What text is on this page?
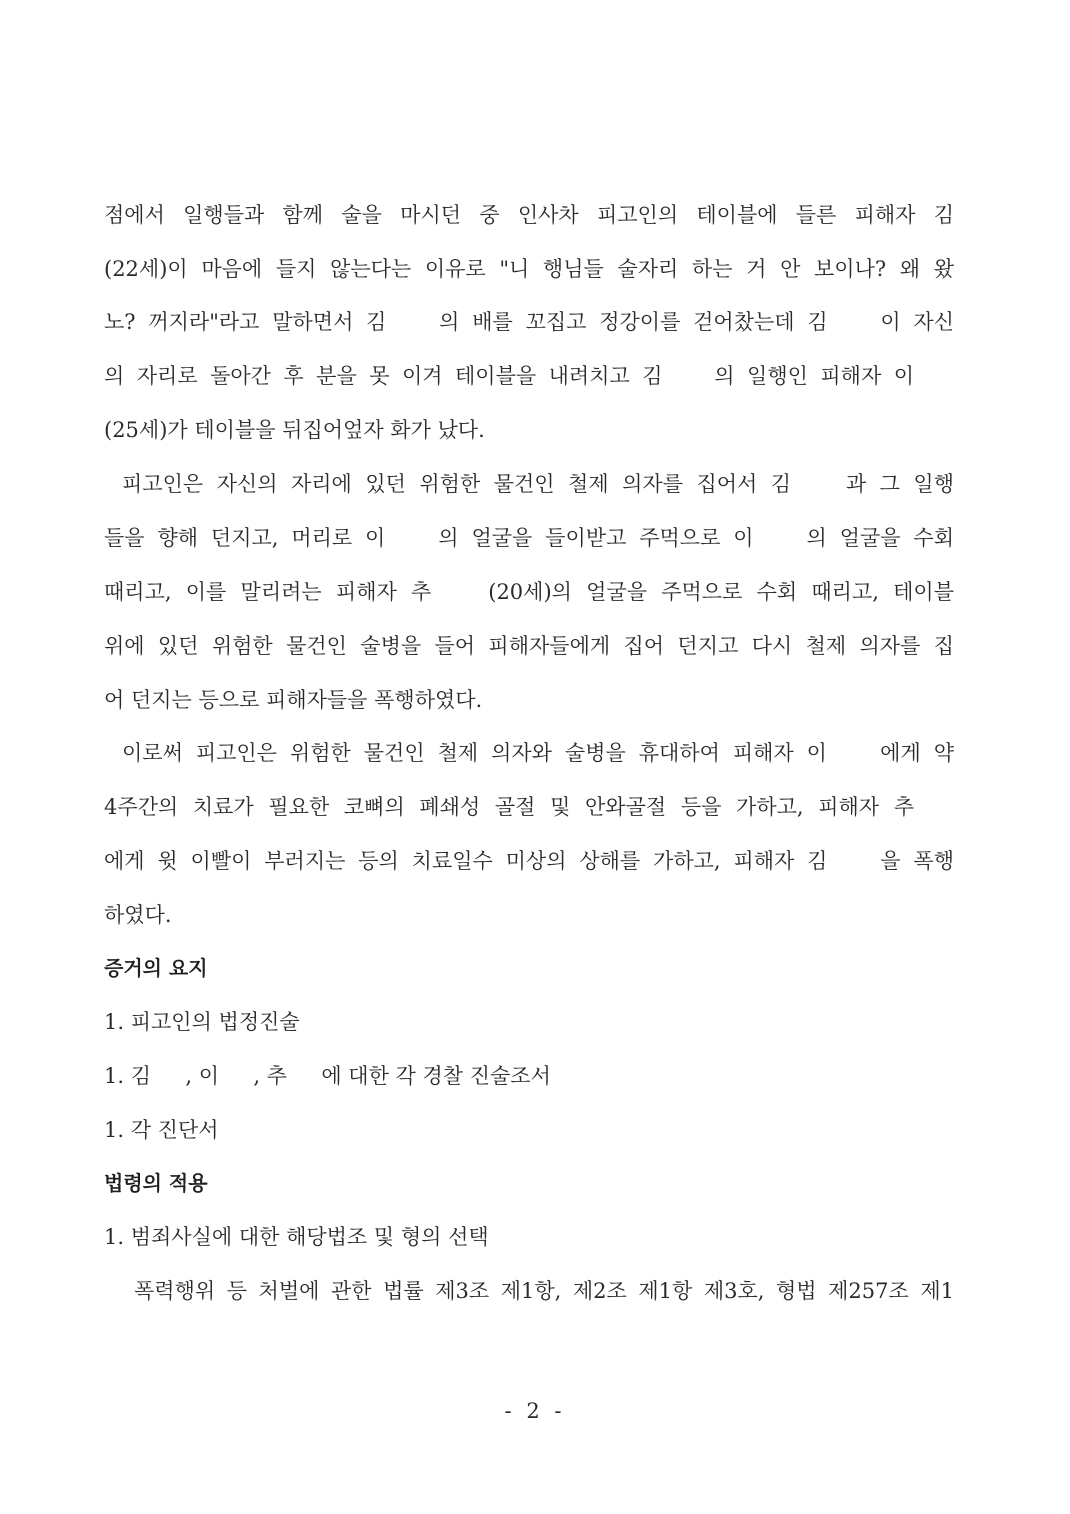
점에서 일행들과 함께 술을 마시던 중 인사차 피고인의 테이블에 들른 피해자 김
(22세)이 마음에 들지 않는다는 이유로 "니 행님들 술자리 하는 거 안 보이나? 왜 왔
노? 꺼지라"라고 말하면서 김 　 의 배를 꼬집고 정강이를 걷어찼는데 김 　 이 자신
의 자리로 돌아간 후 분을 못 이겨 테이블을 내려치고 김 　 의 일행인 피해자 이
(25세)가 테이블을 뒤집어엎자 화가 났다.
피고인은 자신의 자리에 있던 위험한 물건인 철제 의자를 집어서 김 　 과 그 일행
들을 향해 던지고, 머리로 이 　 의 얼굴을 들이받고 주먹으로 이 　 의 얼굴을 수회
때리고, 이를 말리려는 피해자 추 　 (20세)의 얼굴을 주먹으로 수회 때리고, 테이블
위에 있던 위험한 물건인 술병을 들어 피해자들에게 집어 던지고 다시 철제 의자를 집
어 던지는 등으로 피해자들을 폭행하였다.
이로써 피고인은 위험한 물건인 철제 의자와 술병을 휴대하여 피해자 이 　 에게 약
4주간의 치료가 필요한 코뼈의 폐쇄성 골절 및 안와골절 등을 가하고, 피해자 추
에게 윗 이빨이 부러지는 등의 치료일수 미상의 상해를 가하고, 피해자 김 　 을 폭행
하였다.
증거의 요지
1. 피고인의 법정진술
1. 김 　 , 이 　 , 추 　 에 대한 각 경찰 진술조서
1. 각 진단서
법령의 적용
1. 범죄사실에 대한 해당법조 및 형의 선택
폭력행위 등 처벌에 관한 법률 제3조 제1항, 제2조 제1항 제3호, 형법 제257조 제1
- 2 -
